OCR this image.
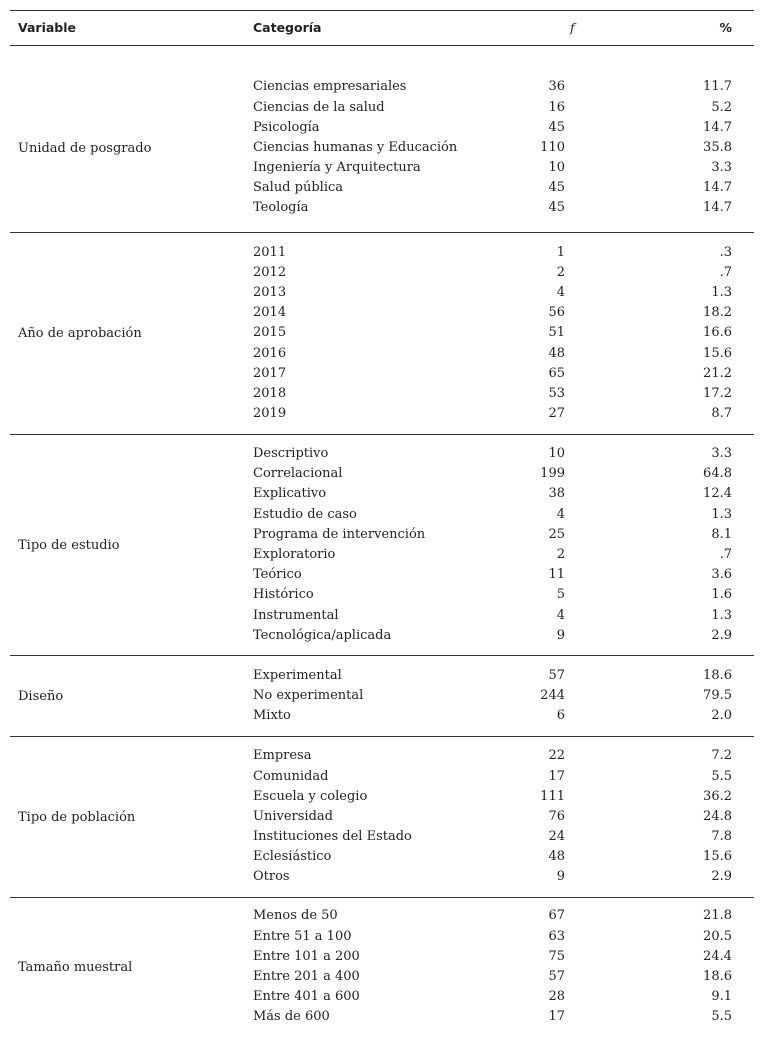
Variable	Categoría	f	%
Unidad de posgrado
Ciencias empresariales	36	11.7
Ciencias de la salud	16	5.2
Psicología	45	14.7
Ciencias humanas y Educación	110	35.8
Ingeniería y Arquitectura	10	3.3
Salud pública	45	14.7
Teología	45	14.7
Año de aprobación
2011	1	.3
2012	2	.7
2013	4	1.3
2014	56	18.2
2015	51	16.6
2016	48	15.6
2017	65	21.2
2018	53	17.2
2019	27	8.7
Tipo de estudio
Descriptivo	10	3.3
Correlacional	199	64.8
Explicativo	38	12.4
Estudio de caso	4	1.3
Programa de intervención	25	8.1
Exploratorio	2	.7
Teórico	11	3.6
Histórico	5	1.6
Instrumental	4	1.3
Tecnológica/aplicada	9	2.9
Diseño
Experimental	57	18.6
No experimental	244	79.5
Mixto	6	2.0
Tipo de población
Empresa	22	7.2
Comunidad	17	5.5
Escuela y colegio	111	36.2
Universidad	76	24.8
Instituciones del Estado	24	7.8
Eclesiástico	48	15.6
Otros	9	2.9
Tamaño muestral
Menos de 50	67	21.8
Entre 51 a 100	63	20.5
Entre 101 a 200	75	24.4
Entre 201 a 400	57	18.6
Entre 401 a 600	28	9.1
Más de 600	17	5.5
